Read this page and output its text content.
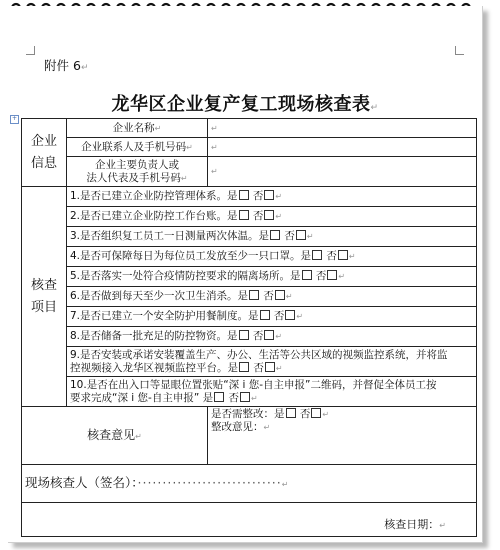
附件 6↵
龙华区企业复产复工现场核查表↵
+
企业
信息	企业名称↵	↵
	企业联系人及手机号码↵	↵

	企业主要负责人或
法人代表及手机号码↵	↵

核查
项目	1.是否已建立企业防控管理体系。是 否 ↵	
	2.是否已建立企业防控工作台账。是 否 ↵	
	3.是否组织复工员工一日测量两次体温。是 否 ↵	
	4.是否可保障每日为每位员工发放至少一只口罩。是 否 ↵	
	5.是否落实一处符合疫情防控要求的隔离场所。是 否 ↵	
	6.是否做到每天至少一次卫生消杀。是 否 ↵	
	7.是否已建立一个安全防护用餐制度。是 否 ↵	
	8.是否储备一批充足的防控物资。是 否 ↵	

	9.是否安装或承诺安装覆盖生产、办公、生活等公共区域的视频监控系统，并将监
控视频接入龙华区视频监控平台。是 否 ↵	

	10.是否在出入口等显眼位置张贴“深 i 您-自主申报”二维码，并督促全体员工按
要求完成“深 i 您-自主申报” 是 否 ↵	

核查意见↵		是否需整改：是 否 ↵
整改意见：↵

现场核查人（签名）：·····························↵		
核查日期：↵		
